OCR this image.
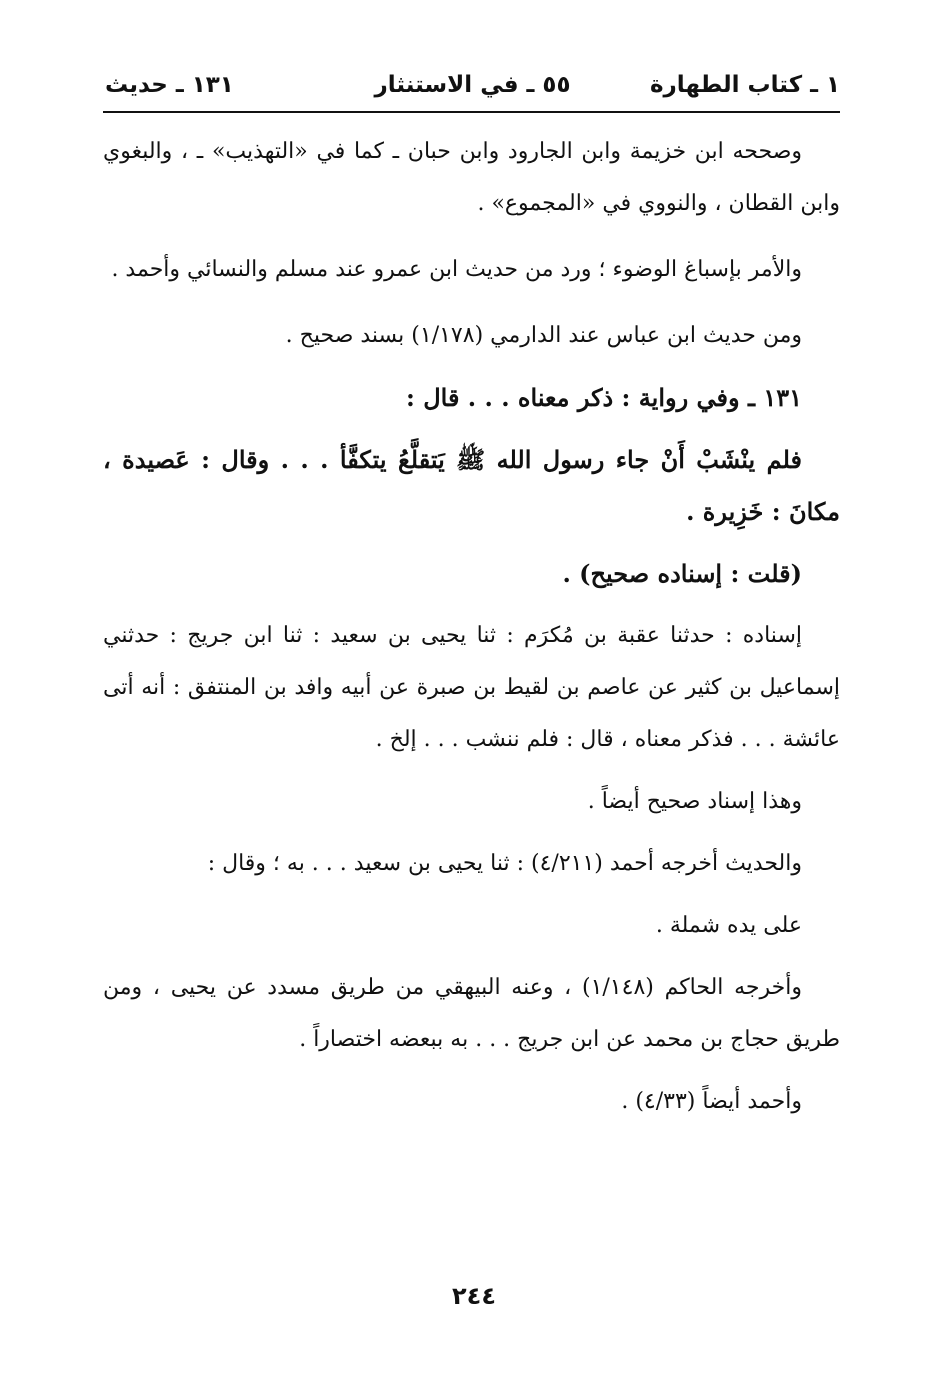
١ ـ كتاب الطهارة
٥٥ ـ في الاستنثار
١٣١ ـ حديث

وصححه ابن خزيمة وابن الجارود وابن حبان ـ كما في «التهذيب» ـ ، والبغوي وابن القطان ، والنووي في «المجموع» .

والأمر بإسباغ الوضوء ؛ ورد من حديث ابن عمرو عند مسلم والنسائي وأحمد .

ومن حديث ابن عباس عند الدارمي (١/١٧٨) بسند صحيح .

١٣١ ـ وفي رواية : ذكر معناه . . . قال :

فلم ينْشَبْ أَنْ جاء رسول الله ﷺ يَتقلَّعُ يتكفَّأ . . . وقال : عَصيدة ، مكانَ : خَزِيرة .

(قلت : إسناده صحيح) .

إسناده : حدثنا عقبة بن مُكرَم : ثنا يحيى بن سعيد : ثنا ابن جريج : حدثني إسماعيل بن كثير عن عاصم بن لقيط بن صبرة عن أبيه وافد بن المنتفق : أنه أتى عائشة . . . فذكر معناه ، قال : فلم ننشب . . . إلخ .

وهذا إسناد صحيح أيضاً .

والحديث أخرجه أحمد (٤/٢١١) : ثنا يحيى بن سعيد . . . به ؛ وقال :

على يده شملة .

وأخرجه الحاكم (١/١٤٨) ، وعنه البيهقي من طريق مسدد عن يحيى ، ومن طريق حجاج بن محمد عن ابن جريج . . . به ببعضه اختصاراً .

وأحمد أيضاً (٤/٣٣) .

٢٤٤
